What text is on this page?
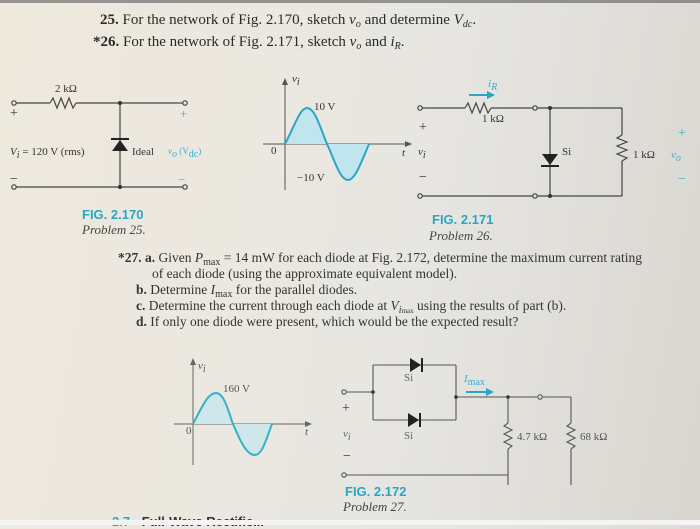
25. For the network of Fig. 2.170, sketch $v_o$ and determine $V_{dc}$.
*26. For the network of Fig. 2.171, sketch $v_o$ and $i_R$.
2 kΩ
+
−
Vi = 120 V (rms)	Ideal
+
−
vo (Vdc)
FIG. 2.170
Problem 25.
vi
10 V
−10 V
0	t
iR
1 kΩ
+
vi
−
Si	1 kΩ
+
vo
−
FIG. 2.171
Problem 26.
*27. a. Given $P_{max} = 14$ mW for each diode at Fig. 2.172, determine the maximum current rating
of each diode (using the approximate equivalent model).
b. Determine $I_{max}$ for the parallel diodes.
c. Determine the current through each diode at $V_{imax}$ using the results of part (b).
d. If only one diode were present, which would be the expected result?
vi
160 V
0	t
Si
Si
Imax
+
vi
−
4.7 kΩ	68 kΩ
FIG. 2.172
Problem 27.
